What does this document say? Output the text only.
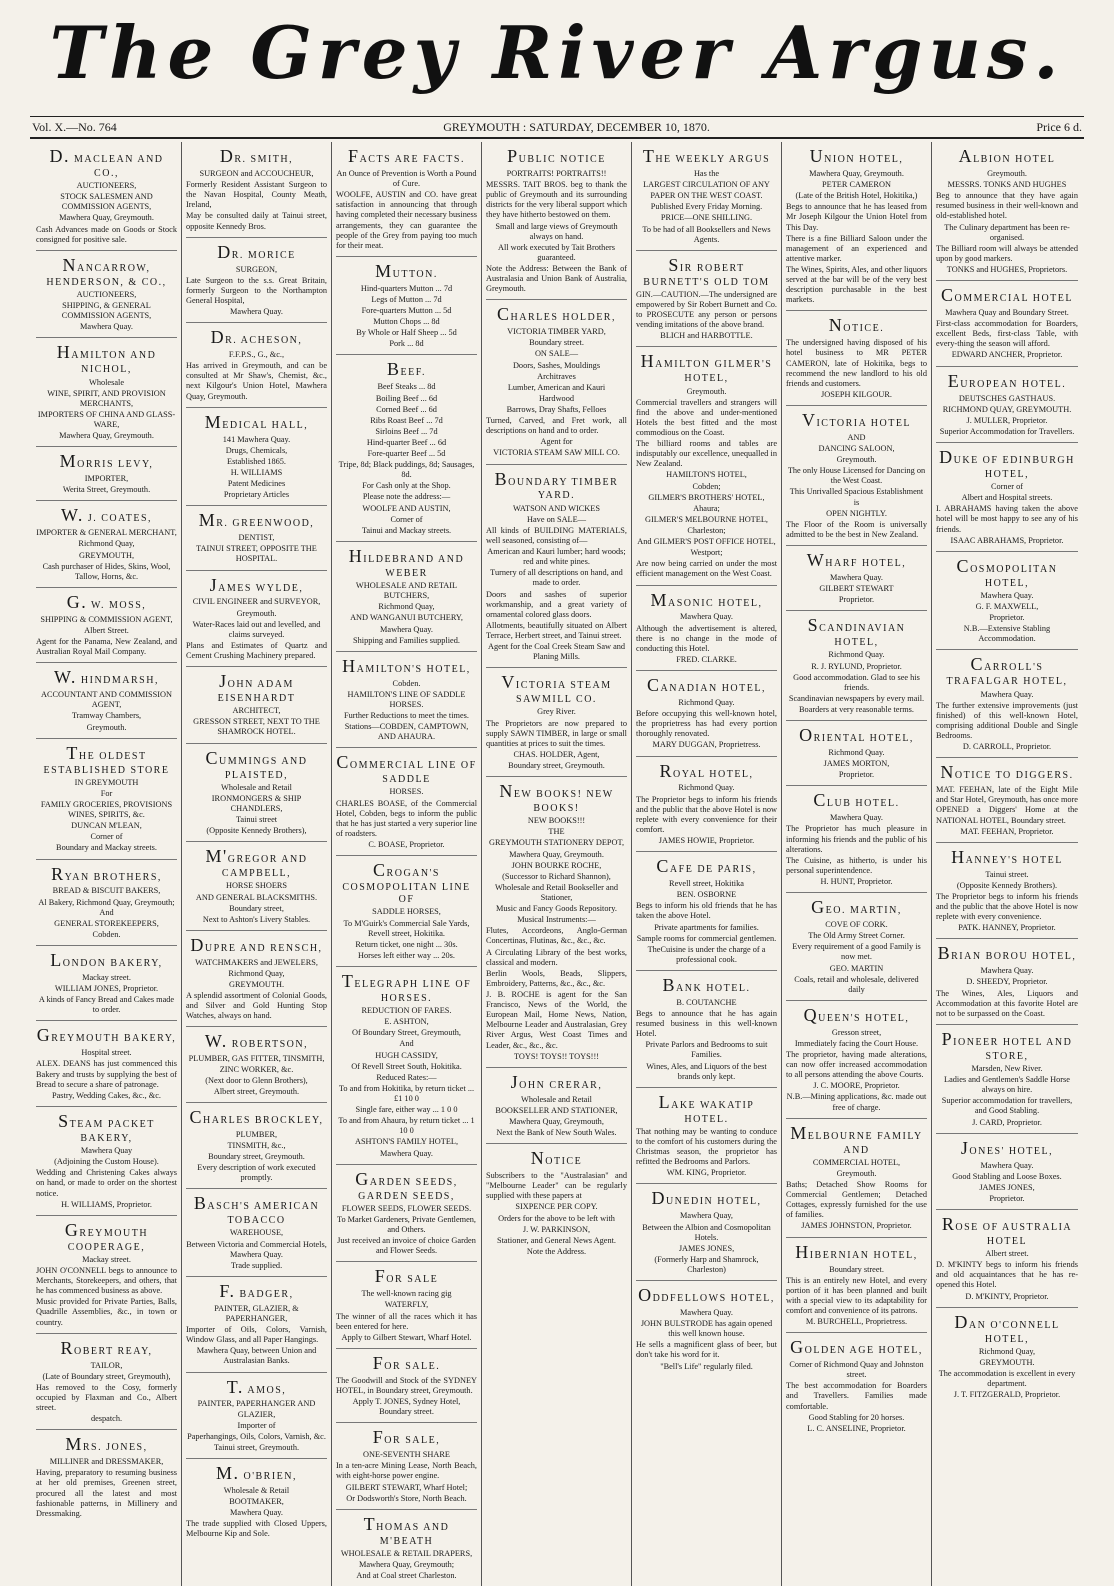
The Grey River Argus.
Vol. X.—No. 764	GREYMOUTH : SATURDAY, DECEMBER 10, 1870.	Price 6 d.
D. MACLEAN AND CO.,
AUCTIONEERS,
STOCK SALESMEN AND COMMISSION AGENTS,
Mawhera Quay, Greymouth.
Cash Advances made on Goods or Stock consigned for positive sale.
NANCARROW, HENDERSON, & CO.,
AUCTIONEERS,
SHIPPING, & GENERAL COMMISSION AGENTS,
Mawhera Quay.
HAMILTON AND NICHOL,
Wholesale
WINE, SPIRIT, AND PROVISION MERCHANTS,
IMPORTERS OF CHINA AND GLASS-WARE,
Mawhera Quay, Greymouth.
MORRIS LEVY,
IMPORTER,
Werita Street, Greymouth.
W. J. COATES,
IMPORTER & GENERAL MERCHANT,
Richmond Quay,
GREYMOUTH,
Cash purchaser of Hides, Skins, Wool, Tallow, Horns, &c.
G. W. MOSS,
SHIPPING & COMMISSION AGENT,
Albert Street.
Agent for the Panama, New Zealand, and Australian Royal Mail Company.
W. HINDMARSH,
ACCOUNTANT AND COMMISSION AGENT,
Tramway Chambers,
Greymouth.
THE OLDEST ESTABLISHED STORE
IN GREYMOUTH
For
FAMILY GROCERIES, PROVISIONS WINES, SPIRITS, &c.
DUNCAN M'LEAN,
Corner of
Boundary and Mackay streets.
RYAN BROTHERS,
BREAD & BISCUIT BAKERS,
Al Bakery, Richmond Quay, Greymouth; And
GENERAL STOREKEEPERS,
Cobden.
LONDON BAKERY,
Mackay street.
WILLIAM JONES, Proprietor.
A kinds of Fancy Bread and Cakes made to order.
GREYMOUTH BAKERY,
Hospital street.
ALEX. DEANS has just commenced this Bakery and trusts by supplying the best of Bread to secure a share of patronage.
Pastry, Wedding Cakes, &c., &c.
STEAM PACKET BAKERY,
Mawhera Quay
(Adjoining the Custom House).
Wedding and Christening Cakes always on hand, or made to order on the shortest notice.
H. WILLIAMS, Proprietor.
GREYMOUTH COOPERAGE,
Mackay street.
JOHN O'CONNELL begs to announce to Merchants, Storekeepers, and others, that he has commenced business as above.
Music provided for Private Parties, Balls, Quadrille Assemblies, &c., in town or country.
ROBERT REAY,
TAILOR,
(Late of Boundary street, Greymouth),
Has removed to the Cosy, formerly occupied by Flaxman and Co., Albert street.
despatch.
MRS. JONES,
MILLINER and DRESSMAKER,
Having, preparatory to resuming business at her old premises, Greenen street, procured all the latest and most fashionable patterns, in Millinery and Dressmaking.
DR. SMITH,
SURGEON and ACCOUCHEUR,
Formerly Resident Assistant Surgeon to the Navan Hospital, County Meath, Ireland,
May be consulted daily at Tainui street, opposite Kennedy Bros.
DR. MORICE
SURGEON,
Late Surgeon to the s.s. Great Britain, formerly Surgeon to the Northampton General Hospital,
Mawhera Quay.
DR. ACHESON,
F.F.P.S., G., &c.,
Has arrived in Greymouth, and can be consulted at Mr Shaw's, Chemist, &c., next Kilgour's Union Hotel, Mawhera Quay, Greymouth.
MEDICAL HALL,
141 Mawhera Quay.
Drugs, Chemicals,
Established 1865.
H. WILLIAMS
Patent Medicines
Proprietary Articles
MR. GREENWOOD,
DENTIST,
TAINUI STREET, OPPOSITE THE HOSPITAL.
JAMES WYLDE,
CIVIL ENGINEER and SURVEYOR,
Greymouth.
Water-Races laid out and levelled, and claims surveyed.
Plans and Estimates of Quartz and Cement Crushing Machinery prepared.
JOHN ADAM EISENHARDT
ARCHITECT,
GRESSON STREET, NEXT TO THE SHAMROCK HOTEL.
CUMMINGS AND PLAISTED,
Wholesale and Retail
IRONMONGERS & SHIP CHANDLERS,
Tainui street
(Opposite Kennedy Brothers),
M'GREGOR AND CAMPBELL,
HORSE SHOERS
AND GENERAL BLACKSMITHS.
Boundary street,
Next to Ashton's Livery Stables.
DUPRE AND RENSCH,
WATCHMAKERS and JEWELERS,
Richmond Quay,
GREYMOUTH.
A splendid assortment of Colonial Goods, and Silver and Gold Hunting Stop Watches, always on hand.
W. ROBERTSON,
PLUMBER, GAS FITTER, TINSMITH, ZINC WORKER, &c.
(Next door to Glenn Brothers),
Albert street, Greymouth.
CHARLES BROCKLEY,
PLUMBER,
TINSMITH, &c.,
Boundary street, Greymouth.
Every description of work executed promptly.
BASCH'S AMERICAN TOBACCO
WAREHOUSE,
Between Victoria and Commercial Hotels, Mawhera Quay.
Trade supplied.
F. BADGER,
PAINTER, GLAZIER, & PAPERHANGER,
Importer of Oils, Colors, Varnish, Window Glass, and all Paper Hangings.
Mawhera Quay, between Union and Australasian Banks.
T. AMOS,
PAINTER, PAPERHANGER AND GLAZIER,
Importer of
Paperhangings, Oils, Colors, Varnish, &c.
Tainui street, Greymouth.
M. O'BRIEN,
Wholesale & Retail
BOOTMAKER,
Mawhera Quay.
The trade supplied with Closed Uppers, Melbourne Kip and Sole.
FACTS ARE FACTS.
An Ounce of Prevention is Worth a Pound of Cure.
WOOLFE, AUSTIN and CO. have great satisfaction in announcing that through having completed their necessary business arrangements, they can guarantee the people of the Grey from paying too much for their meat.
MUTTON.
Hind-quarters Mutton ... 7d
Legs of Mutton ... 7d
Fore-quarters Mutton ... 5d
Mutton Chops ... 8d
By Whole or Half Sheep ... 5d
Pork ... 8d
BEEF.
Beef Steaks ... 8d
Boiling Beef ... 6d
Corned Beef ... 6d
Ribs Roast Beef ... 7d
Sirloins Beef ... 7d
Hind-quarter Beef ... 6d
Fore-quarter Beef ... 5d
Tripe, 8d; Black puddings, 8d; Sausages, 8d.
For Cash only at the Shop.
Please note the address:—
WOOLFE AND AUSTIN,
Corner of
Tainui and Mackay streets.
HILDEBRAND AND WEBER
WHOLESALE AND RETAIL BUTCHERS,
Richmond Quay,
AND WANGANUI BUTCHERY,
Mawhera Quay.
Shipping and Families supplied.
HAMILTON'S HOTEL,
Cobden.
HAMILTON'S LINE OF SADDLE HORSES.
Further Reductions to meet the times.
Stations—COBDEN, CAMPTOWN, AND AHAURA.
COMMERCIAL LINE OF SADDLE
HORSES.
CHARLES BOASE, of the Commercial Hotel, Cobden, begs to inform the public that he has just started a very superior line of roadsters.
C. BOASE, Proprietor.
CROGAN'S COSMOPOLITAN LINE OF
SADDLE HORSES,
To M'Guirk's Commercial Sale Yards, Revell street, Hokitika.
Return ticket, one night ... 30s.
Horses left either way ... 20s.
TELEGRAPH LINE OF HORSES.
REDUCTION OF FARES.
E. ASHTON,
Of Boundary Street, Greymouth,
And
HUGH CASSIDY,
Of Revell Street South, Hokitika.
Reduced Rates:—
To and from Hokitika, by return ticket ... £1 10 0
Single fare, either way ... 1 0 0
To and from Ahaura, by return ticket ... 1 10 0
ASHTON'S FAMILY HOTEL,
Mawhera Quay.
GARDEN SEEDS, GARDEN SEEDS,
FLOWER SEEDS, FLOWER SEEDS.
To Market Gardeners, Private Gentlemen, and Others.
Just received an invoice of choice Garden and Flower Seeds.
FOR SALE
The well-known racing gig
WATERFLY,
The winner of all the races which it has been entered for here.
Apply to Gilbert Stewart, Wharf Hotel.
FOR SALE.
The Goodwill and Stock of the SYDNEY HOTEL, in Boundary street, Greymouth.
Apply T. JONES, Sydney Hotel, Boundary street.
FOR SALE,
ONE-SEVENTH SHARE
In a ten-acre Mining Lease, North Beach, with eight-horse power engine.
GILBERT STEWART, Wharf Hotel;
Or Dodsworth's Store, North Beach.
THOMAS AND M'BEATH
WHOLESALE & RETAIL DRAPERS,
Mawhera Quay, Greymouth;
And at Coal street Charleston.
PUBLIC NOTICE
PORTRAITS! PORTRAITS!!
MESSRS. TAIT BROS. beg to thank the public of Greymouth and its surrounding districts for the very liberal support which they have hitherto bestowed on them.
Small and large views of Greymouth always on hand.
All work executed by Tait Brothers guaranteed.
Note the Address: Between the Bank of Australasia and Union Bank of Australia, Greymouth.
CHARLES HOLDER,
VICTORIA TIMBER YARD,
Boundary street.
ON SALE—
Doors, Sashes, Mouldings
Architraves
Lumber, American and Kauri
Hardwood
Barrows, Dray Shafts, Felloes
Turned, Carved, and Fret work, all descriptions on hand and to order.
Agent for
VICTORIA STEAM SAW MILL CO.
BOUNDARY TIMBER YARD.
WATSON AND WICKES
Have on SALE—
All kinds of BUILDING MATERIALS, well seasoned, consisting of—
American and Kauri lumber; hard woods; red and white pines.
Turnery of all descriptions on hand, and made to order.
Doors and sashes of superior workmanship, and a great variety of ornamental colored glass doors.
Allotments, beautifully situated on Albert Terrace, Herbert street, and Tainui street.
Agent for the Coal Creek Steam Saw and Planing Mills.
VICTORIA STEAM SAWMILL CO.
Grey River.
The Proprietors are now prepared to supply SAWN TIMBER, in large or small quantities at prices to suit the times.
CHAS. HOLDER, Agent,
Boundary street, Greymouth.
NEW BOOKS! NEW BOOKS!
NEW BOOKS!!!
THE
GREYMOUTH STATIONERY DEPOT,
Mawhera Quay, Greymouth.
JOHN BOURKE ROCHE,
(Successor to Richard Shannon),
Wholesale and Retail Bookseller and Stationer,
Music and Fancy Goods Repository.
Musical Instruments:—
Flutes, Accordeons, Anglo-German Concertinas, Flutinas, &c., &c., &c.
A Circulating Library of the best works, classical and modern.
Berlin Wools, Beads, Slippers, Embroidery, Patterns, &c., &c., &c.
J. B. ROCHE is agent for the San Francisco, News of the World, the European Mail, Home News, Nation, Melbourne Leader and Australasian, Grey River Argus, West Coast Times and Leader, &c., &c., &c.
TOYS! TOYS!! TOYS!!!
JOHN CRERAR,
Wholesale and Retail
BOOKSELLER AND STATIONER,
Mawhera Quay, Greymouth,
Next the Bank of New South Wales.
NOTICE
Subscribers to the "Australasian" and "Melbourne Leader" can be regularly supplied with these papers at
SIXPENCE PER COPY.
Orders for the above to be left with
J. W. PARKINSON,
Stationer, and General News Agent.
Note the Address.
THE WEEKLY ARGUS
Has the
LARGEST CIRCULATION OF ANY
PAPER ON THE WEST COAST.
Published Every Friday Morning.
PRICE—ONE SHILLING.
To be had of all Booksellers and News Agents.
SIR ROBERT BURNETT'S OLD TOM
GIN.—CAUTION.—The undersigned are empowered by Sir Robert Burnett and Co. to PROSECUTE any person or persons vending imitations of the above brand.
BLICH and HARBOTTLE.
HAMILTON GILMER'S HOTEL,
Greymouth.
Commercial travellers and strangers will find the above and under-mentioned Hotels the best fitted and the most commodious on the Coast.
The billiard rooms and tables are indisputably our excellence, unequalled in New Zealand.
HAMILTON'S HOTEL,
Cobden;
GILMER'S BROTHERS' HOTEL,
Ahaura;
GILMER'S MELBOURNE HOTEL,
Charleston;
And GILMER'S POST OFFICE HOTEL,
Westport;
Are now being carried on under the most efficient management on the West Coast.
MASONIC HOTEL,
Mawhera Quay.
Although the advertisement is altered, there is no change in the mode of conducting this Hotel.
FRED. CLARKE.
CANADIAN HOTEL,
Richmond Quay.
Before occupying this well-known hotel, the proprietress has had every portion thoroughly renovated.
MARY DUGGAN, Proprietress.
ROYAL HOTEL,
Richmond Quay.
The Proprietor begs to inform his friends and the public that the above Hotel is now replete with every convenience for their comfort.
JAMES HOWIE, Proprietor.
CAFE DE PARIS,
Revell street, Hokitika
BEN. OSBORNE
Begs to inform his old friends that he has taken the above Hotel.
Private apartments for families.
Sample rooms for commercial gentlemen.
TheCuisine is under the charge of a professional cook.
BANK HOTEL.
B. COUTANCHE
Begs to announce that he has again resumed business in this well-known Hotel.
Private Parlors and Bedrooms to suit Families.
Wines, Ales, and Liquors of the best brands only kept.
LAKE WAKATIP HOTEL.
That nothing may be wanting to conduce to the comfort of his customers during the Christmas season, the proprietor has refitted the Bedrooms and Parlors.
WM. KING, Proprietor.
DUNEDIN HOTEL,
Mawhera Quay,
Between the Albion and Cosmopolitan Hotels.
JAMES JONES,
(Formerly Harp and Shamrock, Charleston)
ODDFELLOWS HOTEL,
Mawhera Quay.
JOHN BULSTRODE has again opened this well known house.
He sells a magnificent glass of beer, but don't take his word for it.
"Bell's Life" regularly filed.
UNION HOTEL,
Mawhera Quay, Greymouth.
PETER CAMERON
(Late of the British Hotel, Hokitika,)
Begs to announce that he has leased from Mr Joseph Kilgour the Union Hotel from This Day.
There is a fine Billiard Saloon under the management of an experienced and attentive marker.
The Wines, Spirits, Ales, and other liquors served at the bar will be of the very best description purchasable in the best markets.
NOTICE.
The undersigned having disposed of his hotel business to MR PETER CAMERON, late of Hokitika, begs to recommend the new landlord to his old friends and customers.
JOSEPH KILGOUR.
VICTORIA HOTEL
AND
DANCING SALOON,
Greymouth.
The only House Licensed for Dancing on the West Coast.
This Unrivalled Spacious Establishment is
OPEN NIGHTLY.
The Floor of the Room is universally admitted to be the best in New Zealand.
WHARF HOTEL,
Mawhera Quay.
GILBERT STEWART
Proprietor.
SCANDINAVIAN HOTEL,
Richmond Quay.
R. J. RYLUND, Proprietor.
Good accommodation. Glad to see his friends.
Scandinavian newspapers by every mail.
Boarders at very reasonable terms.
ORIENTAL HOTEL,
Richmond Quay.
JAMES MORTON,
Proprietor.
CLUB HOTEL.
Mawhera Quay.
The Proprietor has much pleasure in informing his friends and the public of his alterations.
The Cuisine, as hitherto, is under his personal superintendence.
H. HUNT, Proprietor.
GEO. MARTIN,
COVE OF CORK.
The Old Army Street Corner.
Every requirement of a good Family is now met.
GEO. MARTIN
Coals, retail and wholesale, delivered daily
QUEEN'S HOTEL,
Gresson street,
Immediately facing the Court House.
The proprietor, having made alterations, can now offer increased accommodation to all persons attending the above Courts.
J. C. MOORE, Proprietor.
N.B.—Mining applications, &c. made out free of charge.
MELBOURNE FAMILY AND
COMMERCIAL HOTEL,
Greymouth.
Baths; Detached Show Rooms for Commercial Gentlemen; Detached Cottages, expressly furnished for the use of families.
JAMES JOHNSTON, Proprietor.
HIBERNIAN HOTEL,
Boundary street.
This is an entirely new Hotel, and every portion of it has been planned and built with a special view to its adaptability for comfort and convenience of its patrons.
M. BURCHELL, Proprietress.
GOLDEN AGE HOTEL,
Corner of Richmond Quay and Johnston street.
The best accommodation for Boarders and Travellers. Families made comfortable.
Good Stabling for 20 horses.
L. C. ANSELINE, Proprietor.
ALBION HOTEL
Greymouth.
MESSRS. TONKS AND HUGHES
Beg to announce that they have again resumed business in their well-known and old-established hotel.
The Culinary department has been re-organised.
The Billiard room will always be attended upon by good markers.
TONKS and HUGHES, Proprietors.
COMMERCIAL HOTEL
Mawhera Quay and Boundary Street.
First-class accommodation for Boarders, excellent Beds, first-class Table, with every-thing the season will afford.
EDWARD ANCHER, Proprietor.
EUROPEAN HOTEL.
DEUTSCHES GASTHAUS.
RICHMOND QUAY, GREYMOUTH.
J. MULLER, Proprietor.
Superior Accommodation for Travellers.
DUKE OF EDINBURGH HOTEL,
Corner of
Albert and Hospital streets.
I. ABRAHAMS having taken the above hotel will be most happy to see any of his friends.
ISAAC ABRAHAMS, Proprietor.
COSMOPOLITAN HOTEL,
Mawhera Quay.
G. F. MAXWELL,
Proprietor.
N.B.—Extensive Stabling Accommodation.
CARROLL'S TRAFALGAR HOTEL,
Mawhera Quay.
The further extensive improvements (just finished) of this well-known Hotel, comprising additional Double and Single Bedrooms.
D. CARROLL, Proprietor.
NOTICE TO DIGGERS.
MAT. FEEHAN, late of the Eight Mile and Star Hotel, Greymouth, has once more OPENED a Diggers' Home at the NATIONAL HOTEL, Boundary street.
MAT. FEEHAN, Proprietor.
HANNEY'S HOTEL
Tainui street.
(Opposite Kennedy Brothers).
The Proprietor begs to inform his friends and the public that the above Hotel is now replete with every convenience.
PATK. HANNEY, Proprietor.
BRIAN BOROU HOTEL,
Mawhera Quay.
D. SHEEDY, Proprietor.
The Wines, Ales, Liquors and Accommodation at this favorite Hotel are not to be surpassed on the Coast.
PIONEER HOTEL AND STORE,
Marsden, New River.
Ladies and Gentlemen's Saddle Horse always on hire.
Superior accommodation for travellers, and Good Stabling.
J. CARD, Proprietor.
JONES' HOTEL,
Mawhera Quay.
Good Stabling and Loose Boxes.
JAMES JONES,
Proprietor.
ROSE OF AUSTRALIA HOTEL
Albert street.
D. M'KINTY begs to inform his friends and old acquaintances that he has re-opened this Hotel.
D. M'KINTY, Proprietor.
DAN O'CONNELL HOTEL,
Richmond Quay,
GREYMOUTH.
The accommodation is excellent in every department.
J. T. FITZGERALD, Proprietor.
